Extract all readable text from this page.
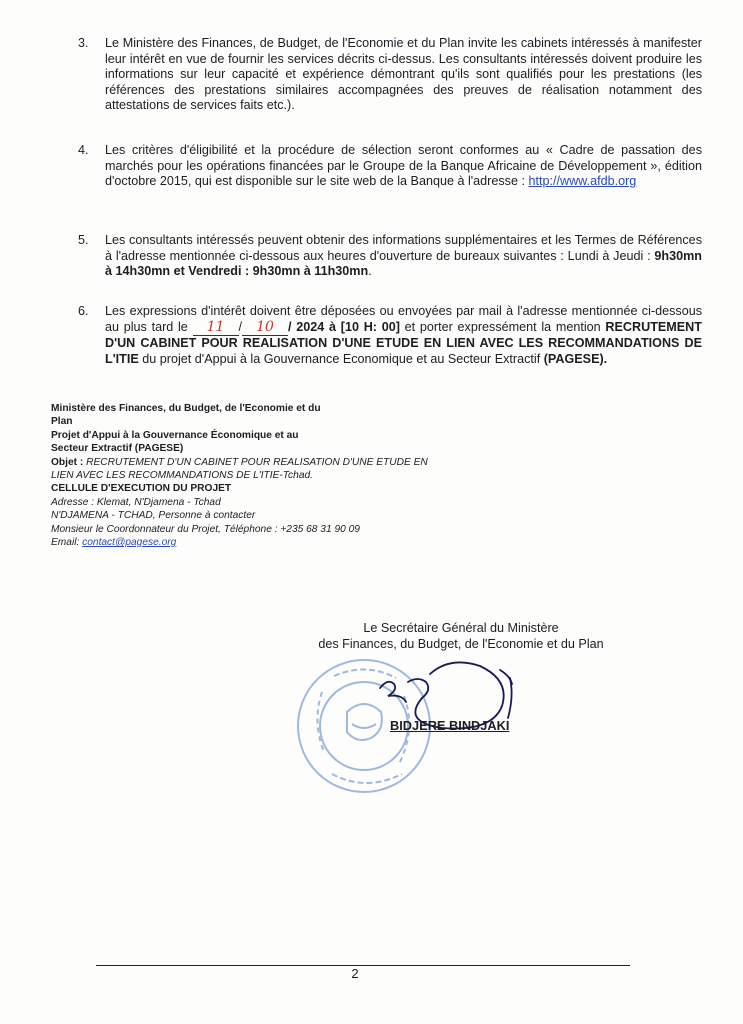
3.	Le Ministère des Finances, de Budget, de l'Economie et du Plan invite les cabinets intéressés à manifester leur intérêt en vue de fournir les services décrits ci-dessus. Les consultants intéressés doivent produire les informations sur leur capacité et expérience démontrant qu'ils sont qualifiés pour les prestations (les références des prestations similaires accompagnées des preuves de réalisation notamment des attestations de services faits etc.).
4.	Les critères d'éligibilité et la procédure de sélection seront conformes au « Cadre de passation des marchés pour les opérations financées par le Groupe de la Banque Africaine de Développement », édition d'octobre 2015, qui est disponible sur le site web de la Banque à l'adresse : http://www.afdb.org
5.	Les consultants intéressés peuvent obtenir des informations supplémentaires et les Termes de Références à l'adresse mentionnée ci-dessous aux heures d'ouverture de bureaux suivantes : Lundi à Jeudi : 9h30mn à 14h30mn et Vendredi : 9h30mn à 11h30mn.
6.	Les expressions d'intérêt doivent être déposées ou envoyées par mail à l'adresse mentionnée ci-dessous au plus tard le 11 / 10 / 2024 à [10 H: 00] et porter expressément la mention RECRUTEMENT D'UN CABINET POUR REALISATION D'UNE ETUDE EN LIEN AVEC LES RECOMMANDATIONS DE L'ITIE du projet d'Appui à la Gouvernance Economique et au Secteur Extractif (PAGESE).
Ministère des Finances, du Budget, de l'Economie et du Plan
Projet d'Appui à la Gouvernance Économique et au Secteur Extractif (PAGESE)
Objet : RECRUTEMENT D'UN CABINET POUR REALISATION D'UNE ETUDE EN LIEN AVEC LES RECOMMANDATIONS DE L'ITIE-Tchad.
CELLULE D'EXECUTION DU PROJET
Adresse : Klemat, N'Djamena - Tchad
N'DJAMENA - TCHAD, Personne à contacter
Monsieur le Coordonnateur du Projet, Téléphone : +235 68 31 90 09
Email: contact@pagese.org
Le Secrétaire Général du Ministère
des Finances, du Budget, de l'Economie et du Plan
BIDJERE BINDJAKI
2
